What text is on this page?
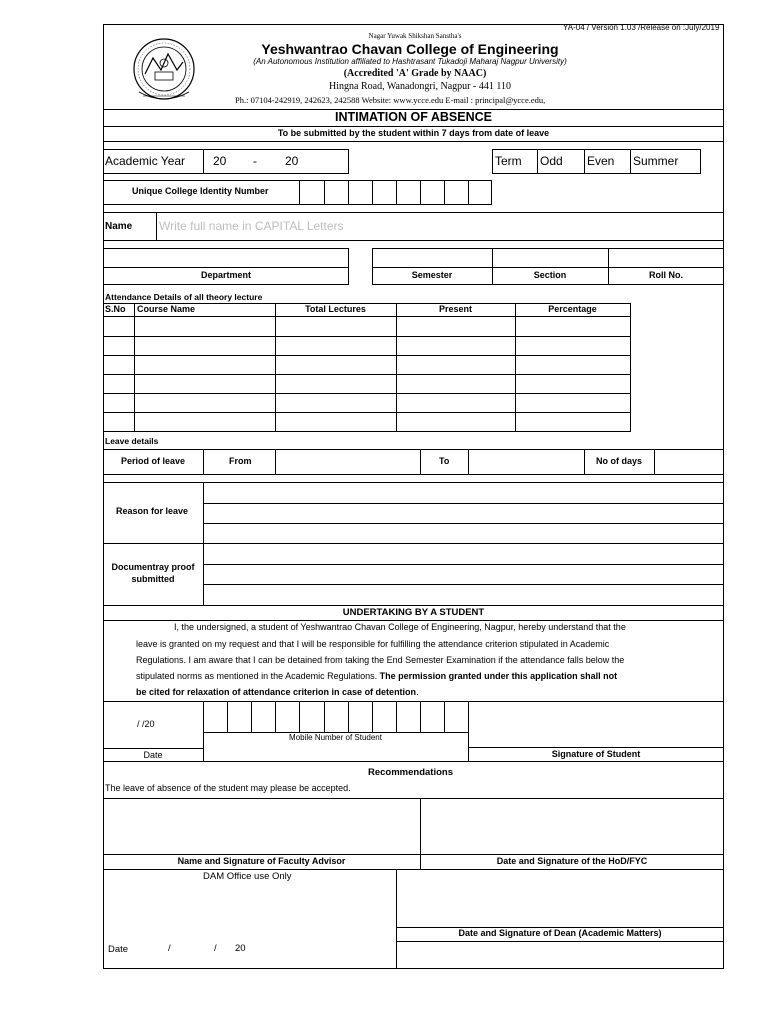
YA-04 / Version 1.03 /Release on :July/2019
Nagar Yuwak Shikshan Sanstha's
Yeshwantrao Chavan College of Engineering
(An Autonomous Institution affiliated to Hashtrasant Tukadoji Maharaj Nagpur University)
(Accredited 'A' Grade by NAAC)
Hingna Road, Wanadongri, Nagpur - 441 110
Ph.: 07104-242919, 242623, 242588 Website: www.ycce.edu E-mail : principal@ycce.edu,
INTIMATION OF ABSENCE
To be submitted by the student within 7 days from date of leave
Academic Year 20 - 20	Term Odd Even Summer
Unique College Identity Number
Name Write full name in CAPITAL Letters
Department	Semester	Section	Roll No.
Attendance Details of all theory lecture
S.No Course Name	Total Lectures	Present	Percentage
Leave details
Period of leave	From	To	No of days
Reason for leave
Documentray proof
submitted
UNDERTAKING BY A STUDENT
I, the undersigned, a student of Yeshwantrao Chavan College of Engineering, Nagpur, hereby understand that the
leave is granted on my request and that I will be responsible for fulfilling the attendance criterion stipulated in Academic
Regulations. I am aware that I can be detained from taking the End Semester Examination if the attendance falls below the
stipulated norms as mentioned in the Academic Regulations. The permission granted under this application shall not
be cited for relaxation of attendance criterion in case of detention.
/ /20
Mobile Number of Student
Date	Signature of Student
Recommendations
The leave of absence of the student may please be accepted.
Name and Signature of Faculty Advisor	Date and Signature of the HoD/FYC
DAM Office use Only
Date and Signature of Dean (Academic Matters)
Date	/	/ 20
